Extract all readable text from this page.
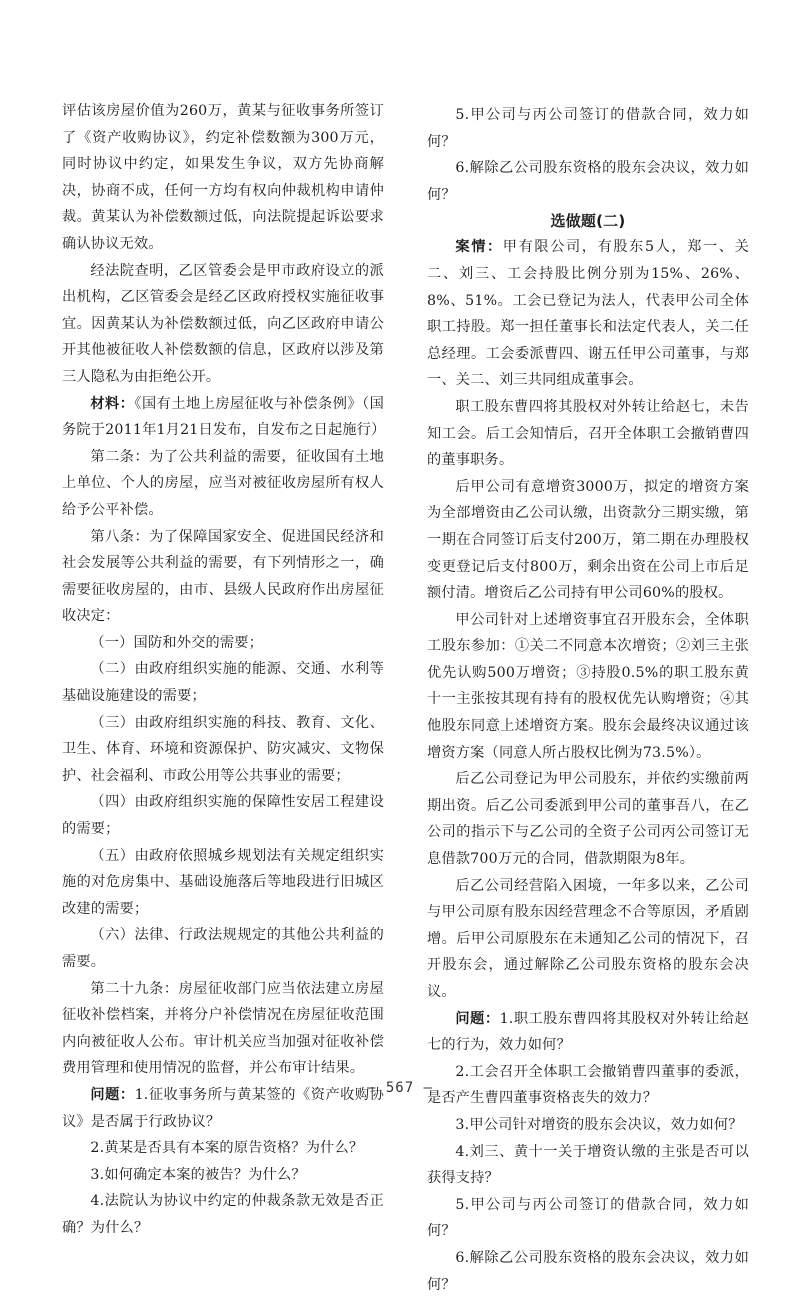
评估该房屋价值为260万，黄某与征收事务所签订了《资产收购协议》，约定补偿数额为300万元，同时协议中约定，如果发生争议，双方先协商解决，协商不成，任何一方均有权向仲裁机构申请仲裁。黄某认为补偿数额过低，向法院提起诉讼要求确认协议无效。

经法院查明，乙区管委会是甲市政府设立的派出机构，乙区管委会是经乙区政府授权实施征收事宜。因黄某认为补偿数额过低，向乙区政府申请公开其他被征收人补偿数额的信息，区政府以涉及第三人隐私为由拒绝公开。

材料：《国有土地上房屋征收与补偿条例》（国务院于2011年1月21日发布，自发布之日起施行）

第二条：为了公共利益的需要，征收国有土地上单位、个人的房屋，应当对被征收房屋所有权人给予公平补偿。

第八条：为了保障国家安全、促进国民经济和社会发展等公共利益的需要，有下列情形之一，确需要征收房屋的，由市、县级人民政府作出房屋征收决定：

（一）国防和外交的需要；

（二）由政府组织实施的能源、交通、水利等基础设施建设的需要；

（三）由政府组织实施的科技、教育、文化、卫生、体育、环境和资源保护、防灾减灾、文物保护、社会福利、市政公用等公共事业的需要；

（四）由政府组织实施的保障性安居工程建设的需要；

（五）由政府依照城乡规划法有关规定组织实施的对危房集中、基础设施落后等地段进行旧城区改建的需要；

（六）法律、行政法规规定的其他公共利益的需要。

第二十九条：房屋征收部门应当依法建立房屋征收补偿档案，并将分户补偿情况在房屋征收范围内向被征收人公布。审计机关应当加强对征收补偿费用管理和使用情况的监督，并公布审计结果。

问题：1.征收事务所与黄某签的《资产收购协议》是否属于行政协议？

2.黄某是否具有本案的原告资格？为什么？

3.如何确定本案的被告？为什么？

4.法院认为协议中约定的仲裁条款无效是否正确？为什么？

5.甲公司与丙公司签订的借款合同，效力如何？

6.解除乙公司股东资格的股东会决议，效力如何？

选做题(二)

案情：甲有限公司，有股东5人，郑一、关二、刘三、工会持股比例分别为15%、26%、8%、51%。工会已登记为法人，代表甲公司全体职工持股。郑一担任董事长和法定代表人，关二任总经理。工会委派曹四、谢五任甲公司董事，与郑一、关二、刘三共同组成董事会。

职工股东曹四将其股权对外转让给赵七，未告知工会。后工会知情后，召开全体职工会撤销曹四的董事职务。

后甲公司有意增资3000万，拟定的增资方案为全部增资由乙公司认缴，出资款分三期实缴，第一期在合同签订后支付200万，第二期在办理股权变更登记后支付800万，剩余出资在公司上市后足额付清。增资后乙公司持有甲公司60%的股权。

甲公司针对上述增资事宜召开股东会，全体职工股东参加：①关二不同意本次增资；②刘三主张优先认购500万增资；③持股0.5%的职工股东黄十一主张按其现有持有的股权优先认购增资；④其他股东同意上述增资方案。股东会最终决议通过该增资方案（同意人所占股权比例为73.5%）。

后乙公司登记为甲公司股东，并依约实缴前两期出资。后乙公司委派到甲公司的董事吾八，在乙公司的指示下与乙公司的全资子公司丙公司签订无息借款700万元的合同，借款期限为8年。

后乙公司经营陷入困境，一年多以来，乙公司与甲公司原有股东因经营理念不合等原因，矛盾剧增。后甲公司原股东在未通知乙公司的情况下，召开股东会，通过解除乙公司股东资格的股东会决议。

问题：1.职工股东曹四将其股权对外转让给赵七的行为，效力如何？

2.工会召开全体职工会撤销曹四董事的委派，是否产生曹四董事资格丧失的效力？

3.甲公司针对增资的股东会决议，效力如何？

4.刘三、黄十一关于增资认缴的主张是否可以获得支持？

5.甲公司与丙公司签订的借款合同，效力如何？

6.解除乙公司股东资格的股东会决议，效力如何？

— 567 —
